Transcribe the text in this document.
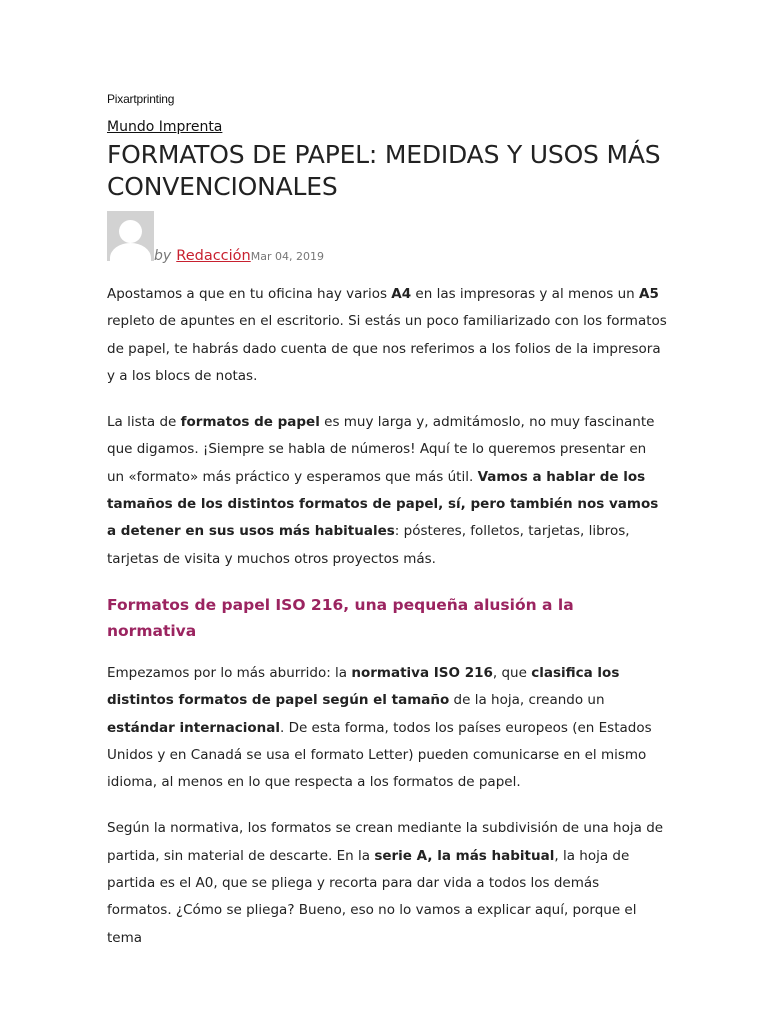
Pixartprinting
Mundo Imprenta
FORMATOS DE PAPEL: MEDIDAS Y USOS MÁS CONVENCIONALES
by RedacciónMar 04, 2019

Apostamos a que en tu oficina hay varios A4 en las impresoras y al menos un A5 repleto de apuntes en el escritorio. Si estás un poco familiarizado con los formatos de papel, te habrás dado cuenta de que nos referimos a los folios de la impresora y a los blocs de notas.

La lista de formatos de papel es muy larga y, admitámoslo, no muy fascinante que digamos. ¡Siempre se habla de números! Aquí te lo queremos presentar en un «formato» más práctico y esperamos que más útil. Vamos a hablar de los tamaños de los distintos formatos de papel, sí, pero también nos vamos a detener en sus usos más habituales: pósteres, folletos, tarjetas, libros, tarjetas de visita y muchos otros proyectos más.

Formatos de papel ISO 216, una pequeña alusión a la normativa

Empezamos por lo más aburrido: la normativa ISO 216, que clasifica los distintos formatos de papel según el tamaño de la hoja, creando un estándar internacional. De esta forma, todos los países europeos (en Estados Unidos y en Canadá se usa el formato Letter) pueden comunicarse en el mismo idioma, al menos en lo que respecta a los formatos de papel.

Según la normativa, los formatos se crean mediante la subdivisión de una hoja de partida, sin material de descarte. En la serie A, la más habitual, la hoja de partida es el A0, que se pliega y recorta para dar vida a todos los demás formatos. ¿Cómo se pliega? Bueno, eso no lo vamos a explicar aquí, porque el tema
